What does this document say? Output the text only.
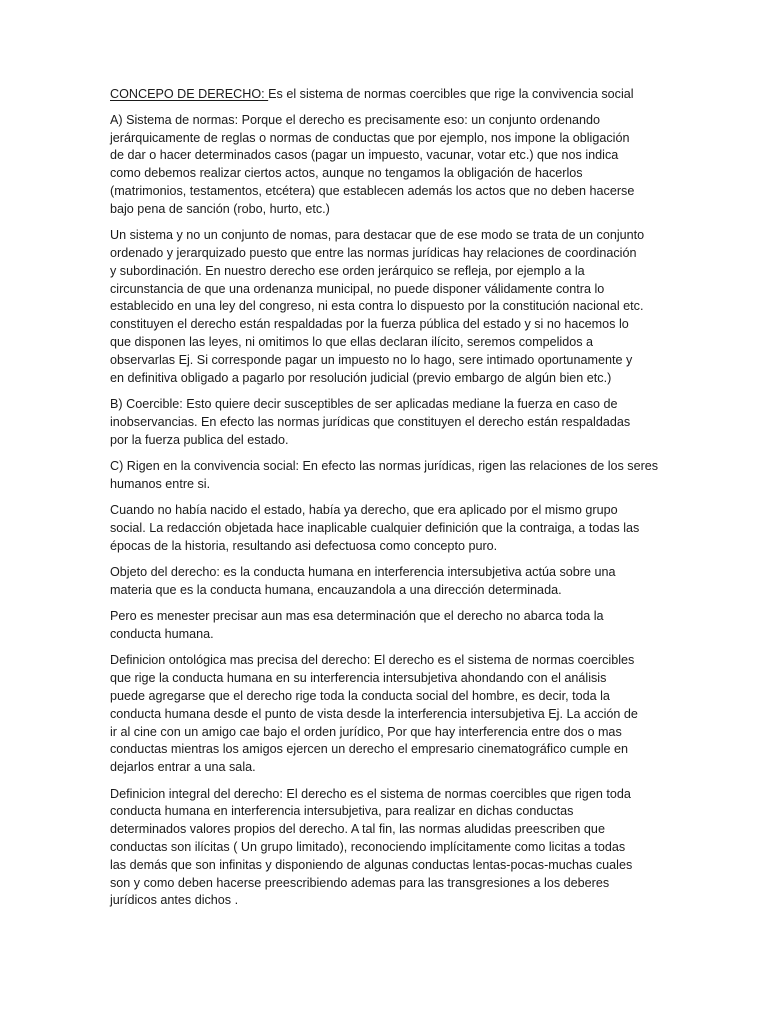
CONCEPO DE DERECHO: Es el sistema de normas coercibles que rige la convivencia social

A) Sistema de normas: Porque el derecho es precisamente eso: un conjunto ordenando
jerárquicamente de reglas o normas de conductas que por ejemplo, nos impone la obligación
de dar o hacer determinados casos (pagar un impuesto, vacunar, votar etc.) que nos indica
como debemos realizar ciertos actos, aunque no tengamos la obligación de hacerlos
(matrimonios, testamentos, etcétera) que establecen además los actos que no deben hacerse
bajo pena de sanción (robo, hurto, etc.)

Un sistema y no un conjunto de nomas, para destacar que de ese modo se trata de un conjunto
ordenado y jerarquizado puesto que entre las normas jurídicas hay relaciones de coordinación
y subordinación. En nuestro derecho ese orden jerárquico se refleja, por ejemplo a la
circunstancia de que una ordenanza municipal, no puede disponer válidamente contra lo
establecido en una ley del congreso, ni esta contra lo dispuesto por la constitución nacional etc.
constituyen el derecho están respaldadas por la fuerza pública del estado y si no hacemos lo
que disponen las leyes, ni omitimos lo que ellas declaran ilícito, seremos compelidos a
observarlas Ej. Si corresponde pagar un impuesto no lo hago, sere intimado oportunamente y
en definitiva obligado a pagarlo por resolución judicial (previo embargo de algún bien etc.)

B) Coercible: Esto quiere decir susceptibles de ser aplicadas mediane la fuerza en caso de
inobservancias. En efecto las normas jurídicas que constituyen el derecho están respaldadas
por la fuerza publica del estado.

C) Rigen en la convivencia social: En efecto las normas jurídicas, rigen las relaciones de los seres
humanos entre si.

Cuando no había nacido el estado, había ya derecho, que era aplicado por el mismo grupo
social. La redacción objetada hace inaplicable cualquier definición que la contraiga, a todas las
épocas de la historia, resultando asi defectuosa como concepto puro.

Objeto del derecho: es la conducta humana en interferencia intersubjetiva actúa sobre una
materia que es la conducta humana, encauzandola a una dirección determinada.

Pero es menester precisar aun mas esa determinación que el derecho no abarca toda la
conducta humana.

Definicion ontológica mas precisa del derecho: El derecho es el sistema de normas coercibles
que rige la conducta humana en su interferencia intersubjetiva ahondando con el análisis
puede agregarse que el derecho rige toda la conducta social del hombre, es decir, toda la
conducta humana desde el punto de vista desde la interferencia intersubjetiva Ej. La acción de
ir al cine con un amigo cae bajo el orden jurídico, Por que hay interferencia entre dos o mas
conductas mientras los amigos ejercen un derecho el empresario cinematográfico cumple en
dejarlos entrar a una sala.

Definicion integral del derecho: El derecho es el sistema de normas coercibles que rigen toda
conducta humana en interferencia intersubjetiva, para realizar en dichas conductas
determinados valores propios del derecho. A tal fin, las normas aludidas preescriben que
conductas son ilícitas ( Un grupo limitado), reconociendo implícitamente como licitas a todas
las demás que son infinitas y disponiendo de algunas conductas lentas-pocas-muchas cuales
son y como deben hacerse preescribiendo ademas para las transgresiones a los deberes
jurídicos antes dichos .
